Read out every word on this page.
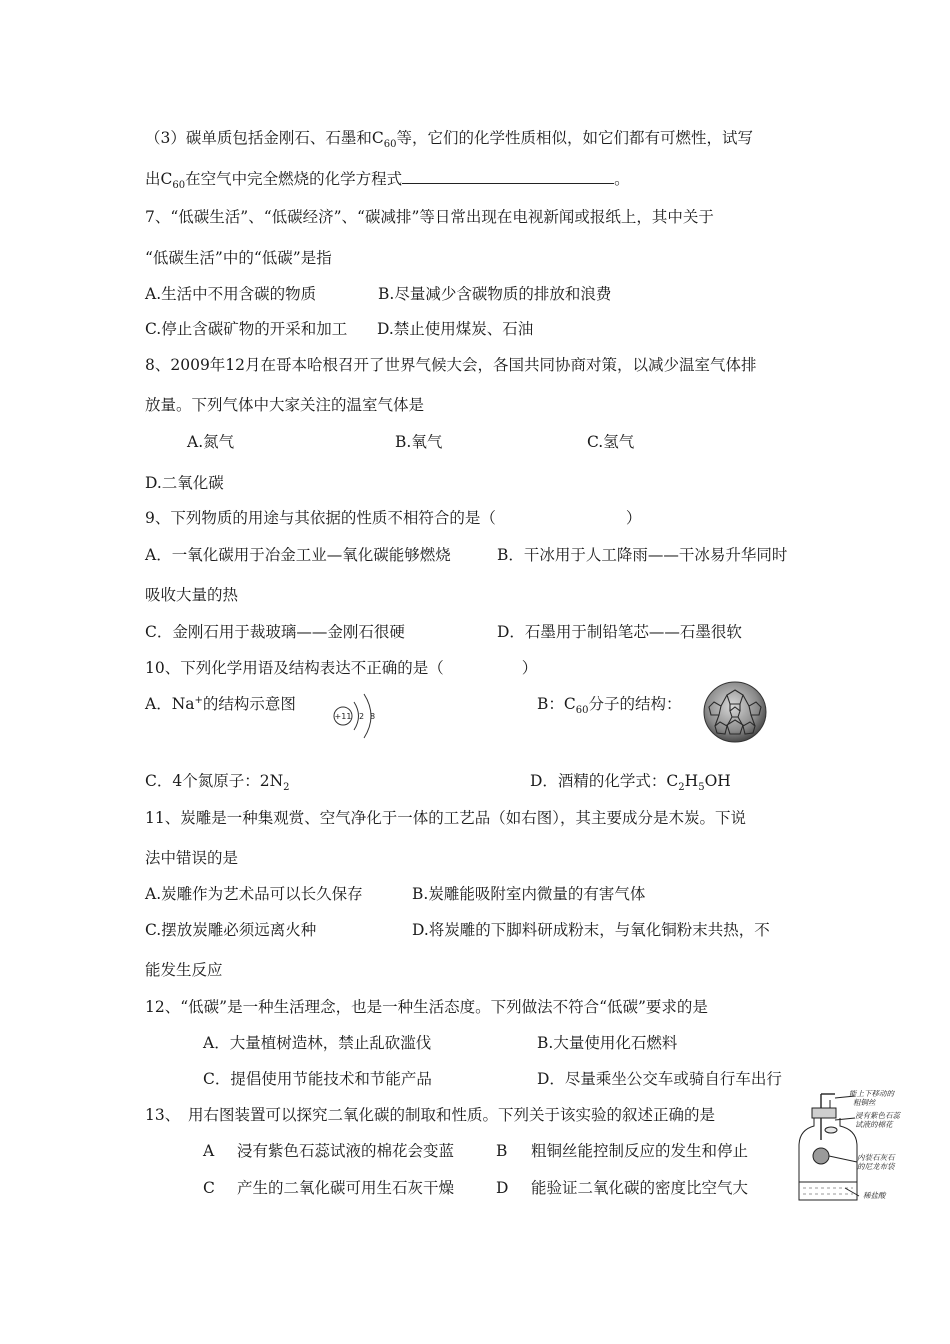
（3）碳单质包括金刚石、石墨和$C_{60}$等，它们的化学性质相似，如它们都有可燃性，试写
出$C_{60}$在空气中完全燃烧的化学方程式	。
7、“低碳生活”、“低碳经济”、“碳减排”等日常出现在电视新闻或报纸上，其中关于
“低碳生活”中的“低碳”是指
A.生活中不用含碳的物质	B.尽量减少含碳物质的排放和浪费
C.停止含碳矿物的开采和加工 D.禁止使用煤炭、石油
8、2009年12月在哥本哈根召开了世界气候大会，各国共同协商对策，以减少温室气体排
放量。下列气体中大家关注的温室气体是
A.氮气	B.氧气	C.氢气
D.二氧化碳
9、下列物质的用途与其依据的性质不相符合的是（	）
A．一氧化碳用于冶金工业—氧化碳能够燃烧	B．干冰用于人工降雨——干冰易升华同时
吸收大量的热
C．金刚石用于裁玻璃——金刚石很硬	D．石墨用于制铅笔芯——石墨很软
10、下列化学用语及结构表达不正确的是（	）
A．Na+的结构示意图
+11 2 8
B：$C_{60}$分子的结构：
C．4个氮原子：$2N_2$	D．酒精的化学式：$C_2H_5OH$
11、炭雕是一种集观赏、空气净化于一体的工艺品（如右图），其主要成分是木炭。下说
法中错误的是
A.炭雕作为艺术品可以长久保存	B.炭雕能吸附室内微量的有害气体
C.摆放炭雕必须远离火种	D.将炭雕的下脚料研成粉末，与氧化铜粉末共热，不
能发生反应
12、“低碳”是一种生活理念，也是一种生活态度。下列做法不符合“低碳”要求的是
A．大量植树造林，禁止乱砍滥伐	B.大量使用化石燃料
C．提倡使用节能技术和节能产品	D．尽量乘坐公交车或骑自行车出行
13、　用右图装置可以探究二氧化碳的制取和性质。下列关于该实验的叙述正确的是
A 浸有紫色石蕊试液的棉花会变蓝	B 粗铜丝能控制反应的发生和停止
C 产生的二氧化碳可用生石灰干燥	D 能验证二氧化碳的密度比空气大
能上下移动的
粗铜丝
浸有紫色石蕊
试液的棉花
内装石灰石
的尼龙布袋
稀盐酸
